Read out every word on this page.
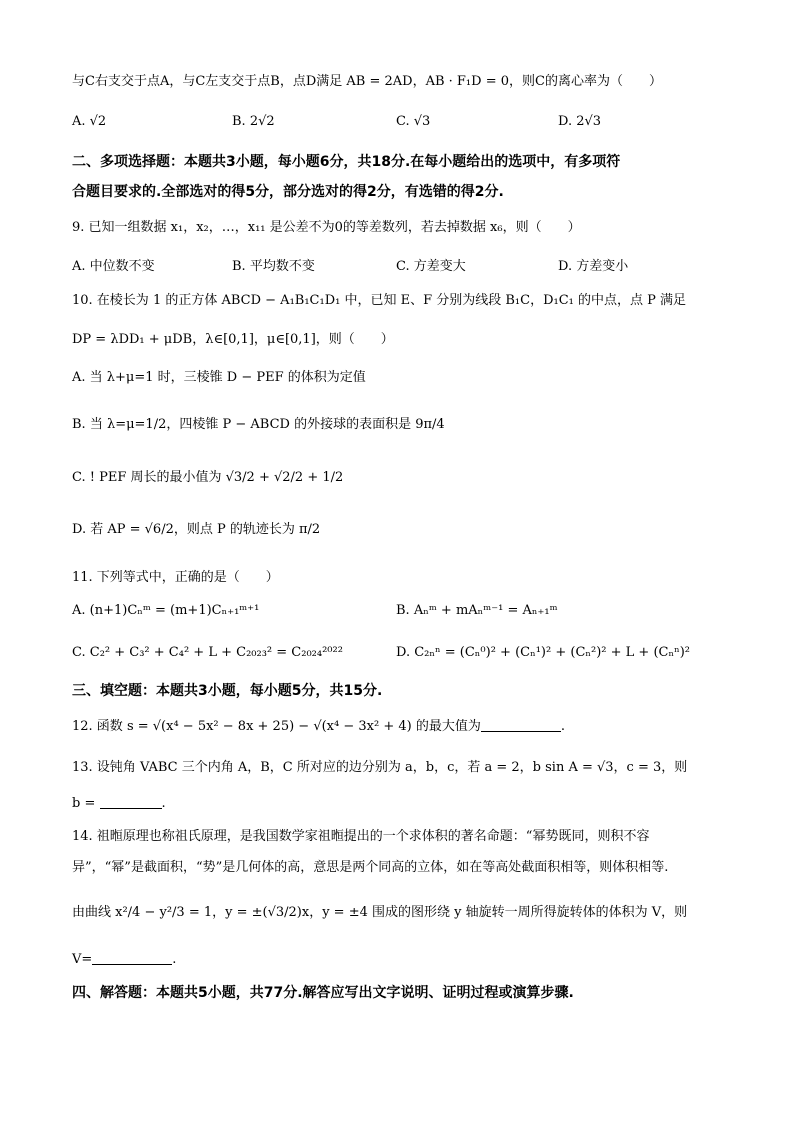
与C右支交于点A，与C左支交于点B，点D满足 AB = 2AD，AB · F₁D = 0，则C的离心率为（　　）
A. √2	B. 2√2	C. √3	D. 2√3
二、多项选择题：本题共3小题，每小题6分，共18分.在每小题给出的选项中，有多项符
合题目要求的.全部选对的得5分，部分选对的得2分，有选错的得2分.
9. 已知一组数据 x₁，x₂，…，x₁₁ 是公差不为0的等差数列，若去掉数据 x₆，则（　　）
A. 中位数不变	B. 平均数不变	C. 方差变大	D. 方差变小
10. 在棱长为 1 的正方体 ABCD − A₁B₁C₁D₁ 中，已知 E、F 分别为线段 B₁C，D₁C₁ 的中点，点 P 满足
DP = λDD₁ + μDB，λ∈[0,1]，μ∈[0,1]，则（　　）
A. 当 λ+μ=1 时，三棱锥 D − PEF 的体积为定值
B. 当 λ=μ=1/2，四棱锥 P − ABCD 的外接球的表面积是 9π/4
C. ! PEF 周长的最小值为 √3/2 + √2/2 + 1/2
D. 若 AP = √6/2，则点 P 的轨迹长为 π/2
11. 下列等式中，正确的是（　　）
A. (n+1)Cₙᵐ = (m+1)Cₙ₊₁ᵐ⁺¹	B. Aₙᵐ + mAₙᵐ⁻¹ = Aₙ₊₁ᵐ
C. C₂² + C₃² + C₄² + L + C₂₀₂₃² = C₂₀₂₄²⁰²²	D. C₂ₙⁿ = (Cₙ⁰)² + (Cₙ¹)² + (Cₙ²)² + L + (Cₙⁿ)²
三、填空题：本题共3小题，每小题5分，共15分.
12. 函数 s = √(x⁴ − 5x² − 8x + 25) − √(x⁴ − 3x² + 4) 的最大值为	.
13. 设钝角 VABC 三个内角 A，B，C 所对应的边分别为 a，b，c，若 a = 2，b sin A = √3，c = 3，则
b =	.
14. 祖暅原理也称祖氏原理，是我国数学家祖暅提出的一个求体积的著名命题：“幂势既同，则积不容
异”，“幂”是截面积，“势”是几何体的高，意思是两个同高的立体，如在等高处截面积相等，则体积相等.
由曲线 x²/4 − y²/3 = 1，y = ±(√3/2)x，y = ±4 围成的图形绕 y 轴旋转一周所得旋转体的体积为 V，则
V=	.
四、解答题：本题共5小题，共77分.解答应写出文字说明、证明过程或演算步骤.
